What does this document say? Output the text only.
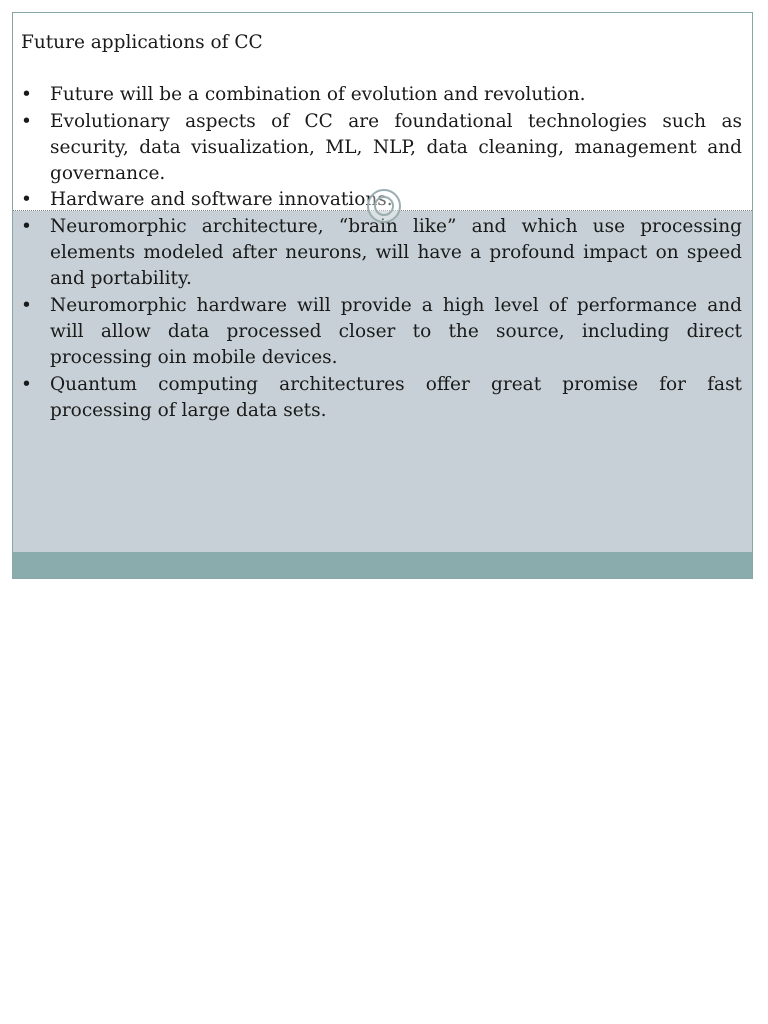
Future applications of CC
• Future will be a combination of evolution and revolution.
• Evolutionary aspects of CC are foundational technologies such as security, data visualization, ML, NLP, data cleaning, management and governance.
• Hardware and software innovations.
• Neuromorphic architecture, “brain like” and which use processing elements modeled after neurons, will have a profound impact on speed and portability.
• Neuromorphic hardware will provide a high level of performance and will allow data processed closer to the source, including direct processing oin mobile devices.
• Quantum computing architectures offer great promise for fast processing of large data sets.
